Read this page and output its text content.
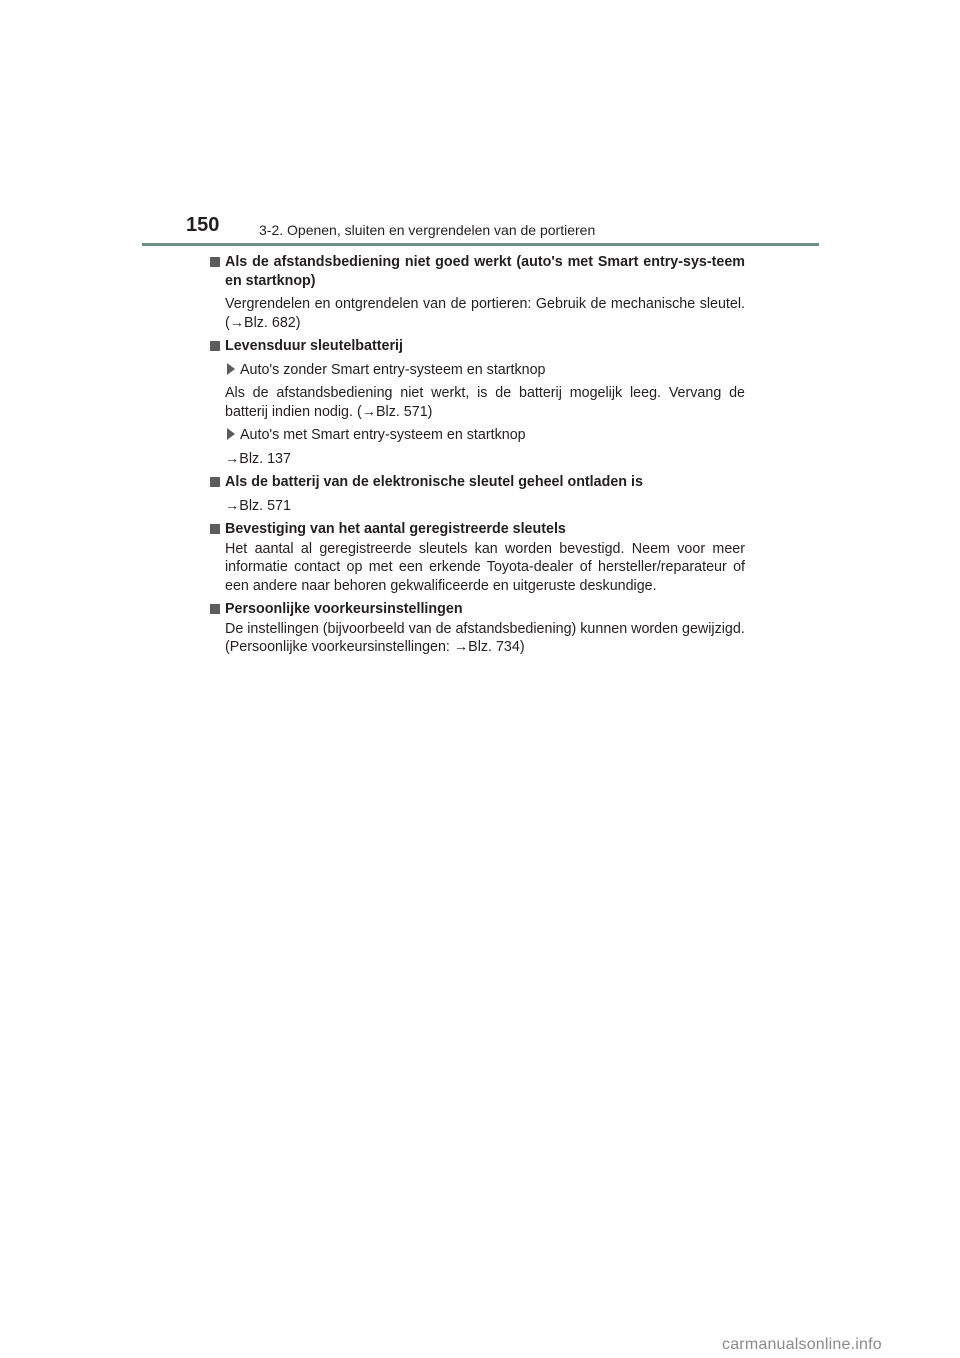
150	3-2. Openen, sluiten en vergrendelen van de portieren
Als de afstandsbediening niet goed werkt (auto's met Smart entry-sys-teem en startknop)
Vergrendelen en ontgrendelen van de portieren: Gebruik de mechanische sleutel. (→Blz. 682)
Levensduur sleutelbatterij
Auto's zonder Smart entry-systeem en startknop
Als de afstandsbediening niet werkt, is de batterij mogelijk leeg. Vervang de batterij indien nodig. (→Blz. 571)
Auto's met Smart entry-systeem en startknop
→Blz. 137
Als de batterij van de elektronische sleutel geheel ontladen is
→Blz. 571
Bevestiging van het aantal geregistreerde sleutels
Het aantal al geregistreerde sleutels kan worden bevestigd. Neem voor meer informatie contact op met een erkende Toyota-dealer of hersteller/reparateur of een andere naar behoren gekwalificeerde en uitgeruste deskundige.
Persoonlijke voorkeursinstellingen
De instellingen (bijvoorbeeld van de afstandsbediening) kunnen worden gewijzigd.
(Persoonlijke voorkeursinstellingen: →Blz. 734)
carmanualsonline.info
